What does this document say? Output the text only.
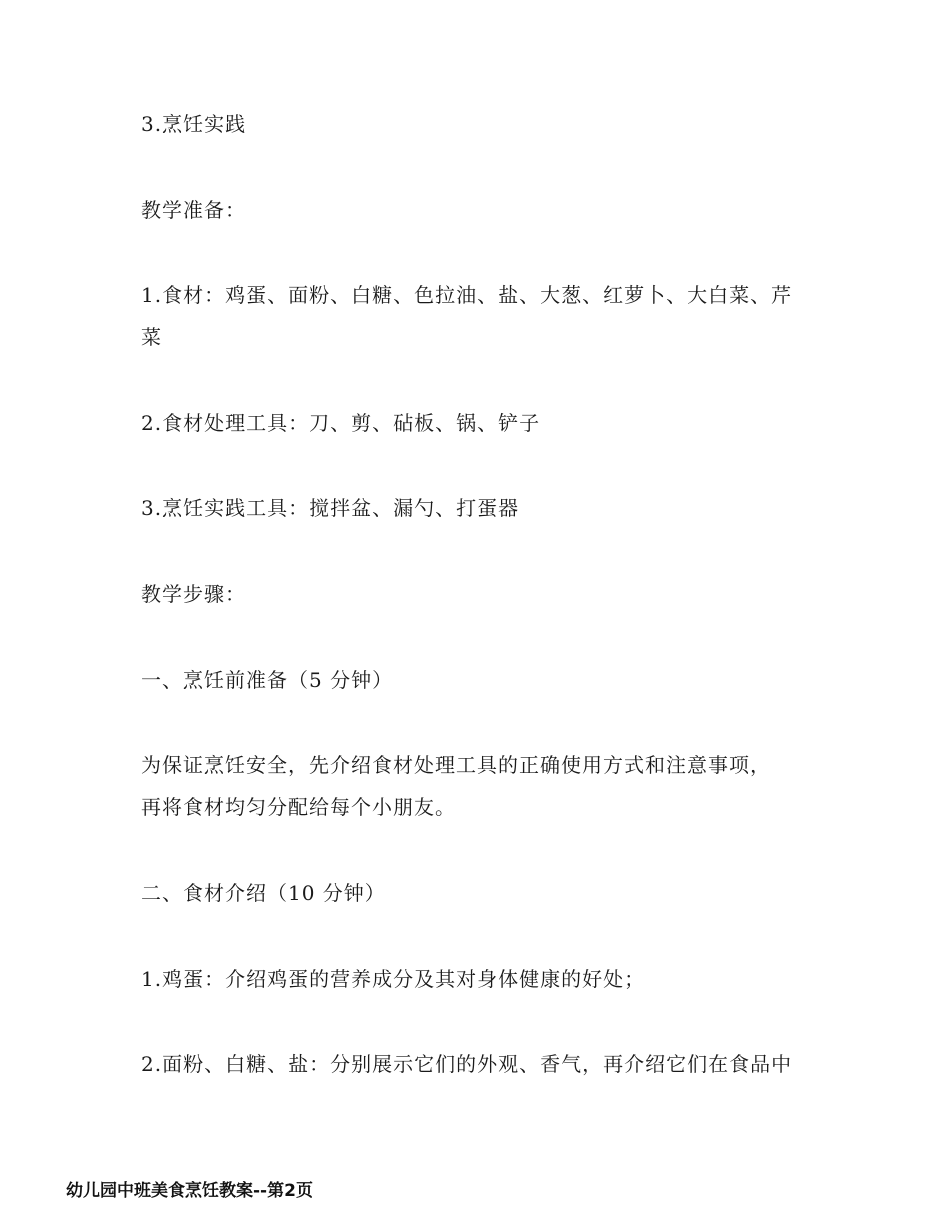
3.烹饪实践
教学准备：
1.食材：鸡蛋、面粉、白糖、色拉油、盐、大葱、红萝卜、大白菜、芹
菜
2.食材处理工具：刀、剪、砧板、锅、铲子
3.烹饪实践工具：搅拌盆、漏勺、打蛋器
教学步骤：
一、烹饪前准备（5 分钟）
为保证烹饪安全，先介绍食材处理工具的正确使用方式和注意事项，
再将食材均匀分配给每个小朋友。
二、食材介绍（10 分钟）
1.鸡蛋：介绍鸡蛋的营养成分及其对身体健康的好处；
2.面粉、白糖、盐：分别展示它们的外观、香气，再介绍它们在食品中
幼儿园中班美食烹饪教案--第2页
